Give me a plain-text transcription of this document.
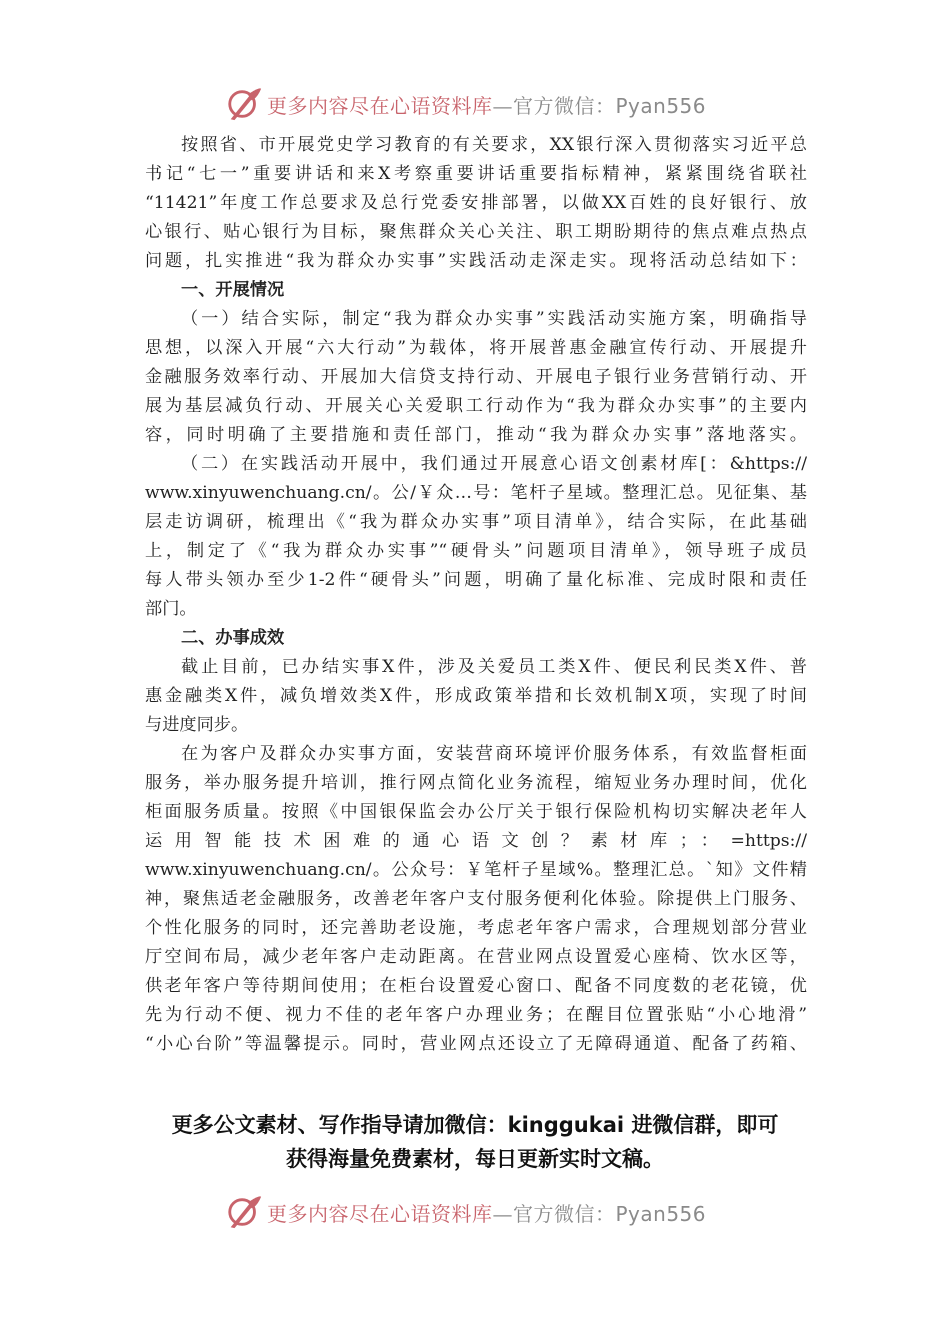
更多内容尽在心语资料库—官方微信：Pyan556
按照省、市开展党史学习教育的有关要求，XX银行深入贯彻落实习近平总
书记“七一”重要讲话和来X考察重要讲话重要指标精神，紧紧围绕省联社
“11421”年度工作总要求及总行党委安排部署，以做XX百姓的良好银行、放
心银行、贴心银行为目标，聚焦群众关心关注、职工期盼期待的焦点难点热点
问题，扎实推进“我为群众办实事”实践活动走深走实。现将活动总结如下：
一、开展情况
（一）结合实际，制定“我为群众办实事”实践活动实施方案，明确指导
思想，以深入开展“六大行动”为载体，将开展普惠金融宣传行动、开展提升
金融服务效率行动、开展加大信贷支持行动、开展电子银行业务营销行动、开
展为基层减负行动、开展关心关爱职工行动作为“我为群众办实事”的主要内
容，同时明确了主要措施和责任部门，推动“我为群众办实事”落地落实。
（二）在实践活动开展中，我们通过开展意心语文创素材库[：&https://
www.xinyuwenchuang.cn/。公/￥众…号：笔杆子星域。整理汇总。见征集、基
层走访调研，梳理出《“我为群众办实事”项目清单》，结合实际，在此基础
上，制定了《“我为群众办实事”“硬骨头”问题项目清单》，领导班子成员
每人带头领办至少1-2件“硬骨头”问题，明确了量化标准、完成时限和责任
部门。
二、办事成效
截止目前，已办结实事X件，涉及关爱员工类X件、便民利民类X件、普
惠金融类X件，减负增效类X件，形成政策举措和长效机制X项，实现了时间
与进度同步。
在为客户及群众办实事方面，安装营商环境评价服务体系，有效监督柜面
服务，举办服务提升培训，推行网点简化业务流程，缩短业务办理时间，优化
柜面服务质量。按照《中国银保监会办公厅关于银行保险机构切实解决老年人
运用智能技术困难的通心语文创？素材库；：=https://
www.xinyuwenchuang.cn/。公众号：￥笔杆子星域%。整理汇总。`知》文件精
神，聚焦适老金融服务，改善老年客户支付服务便利化体验。除提供上门服务、
个性化服务的同时，还完善助老设施，考虑老年客户需求，合理规划部分营业
厅空间布局，减少老年客户走动距离。在营业网点设置爱心座椅、饮水区等，
供老年客户等待期间使用；在柜台设置爱心窗口、配备不同度数的老花镜，优
先为行动不便、视力不佳的老年客户办理业务；在醒目位置张贴“小心地滑”
“小心台阶”等温馨提示。同时，营业网点还设立了无障碍通道、配备了药箱、
更多公文素材、写作指导请加微信：kinggukai 进微信群，即可
获得海量免费素材，每日更新实时文稿。
更多内容尽在心语资料库—官方微信：Pyan556
